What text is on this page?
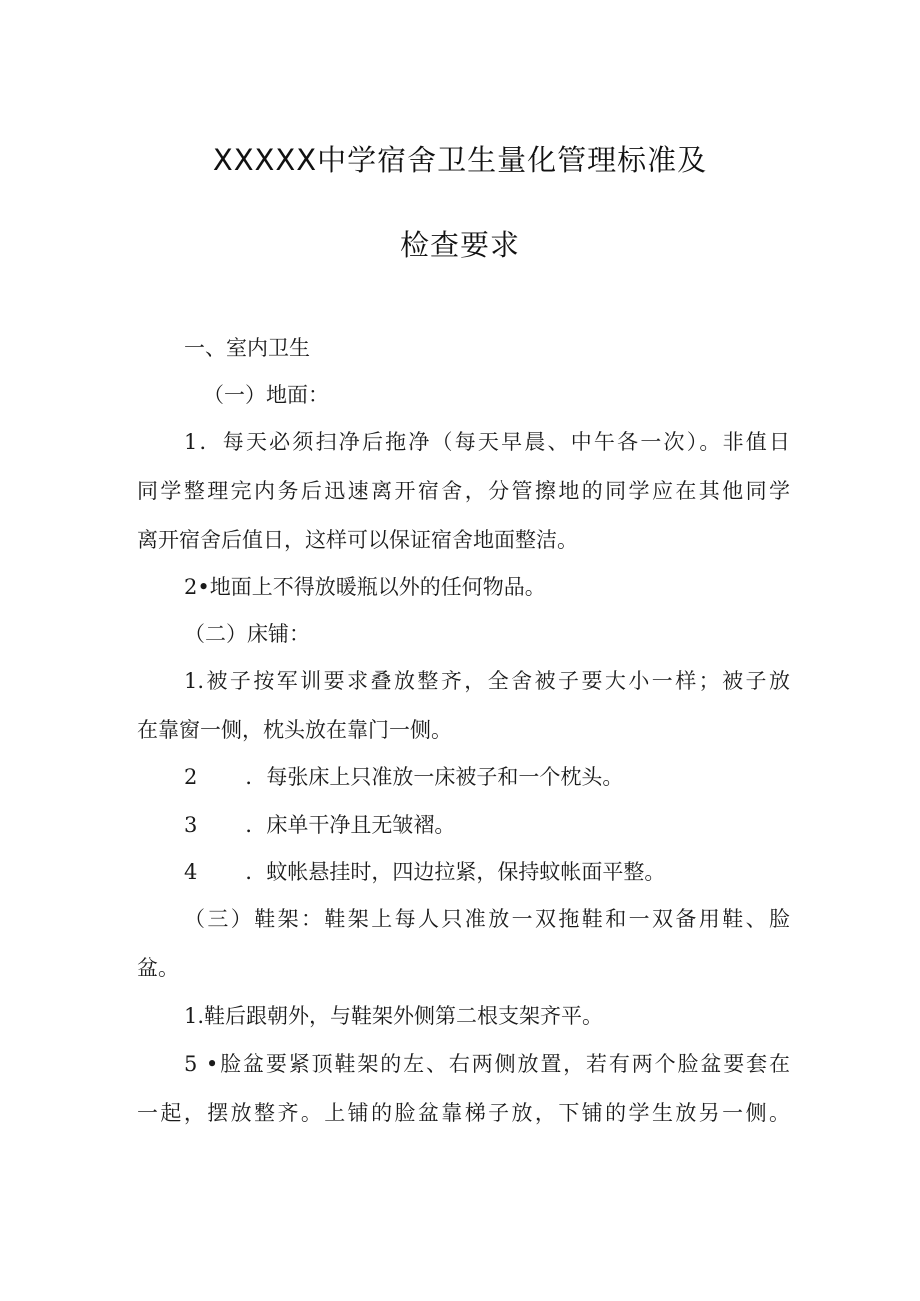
XXXXX中学宿舍卫生量化管理标准及
检查要求
一、室内卫生
（一）地面：
1．每天必须扫净后拖净（每天早晨、中午各一次）。非值日
同学整理完内务后迅速离开宿舍，分管擦地的同学应在其他同学
离开宿舍后值日，这样可以保证宿舍地面整洁。
2•地面上不得放暖瓶以外的任何物品。
（二）床铺：
1.被子按军训要求叠放整齐，全舍被子要大小一样；被子放
在靠窗一侧，枕头放在靠门一侧。
2 ．每张床上只准放一床被子和一个枕头。
3 ．床单干净且无皱褶。
4 ．蚊帐悬挂时，四边拉紧，保持蚊帐面平整。
（三）鞋架：鞋架上每人只准放一双拖鞋和一双备用鞋、脸
盆。
1.鞋后跟朝外，与鞋架外侧第二根支架齐平。
5 •脸盆要紧顶鞋架的左、右两侧放置，若有两个脸盆要套在
一起，摆放整齐。上铺的脸盆靠梯子放，下铺的学生放另一侧。
